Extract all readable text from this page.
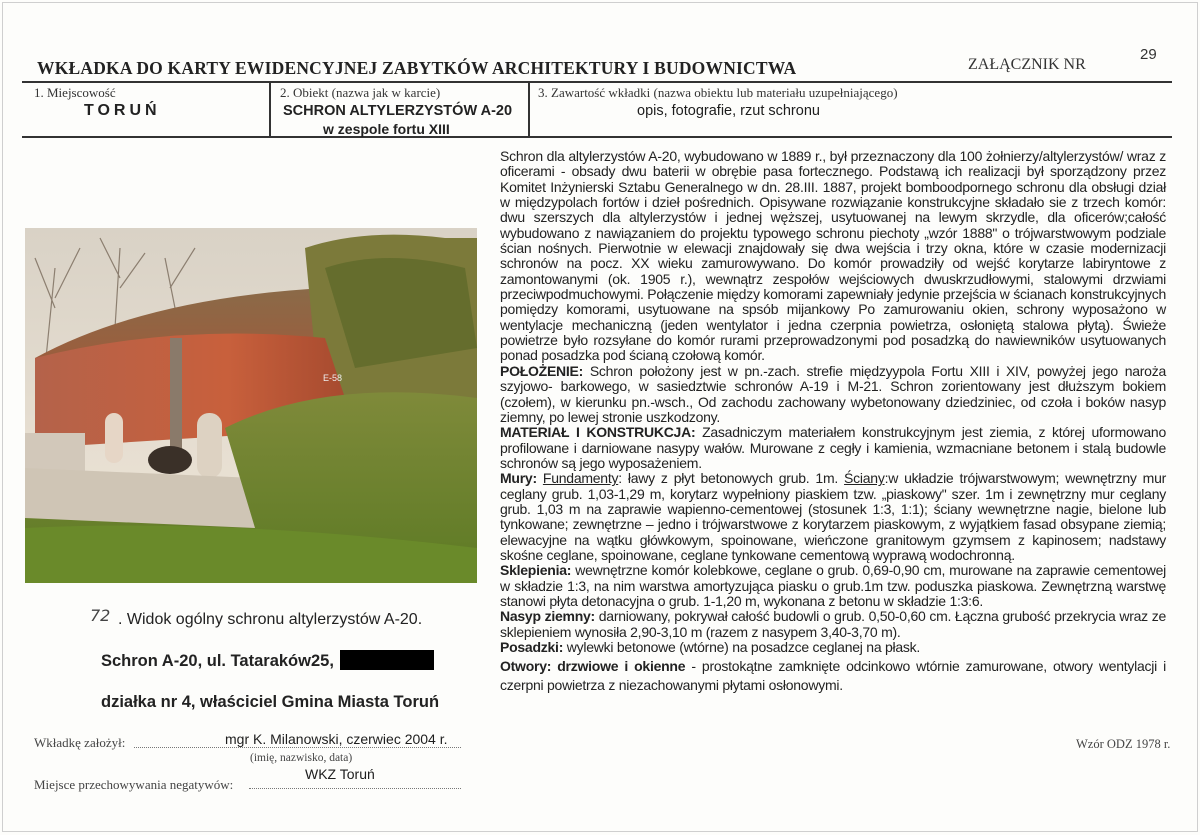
WKŁADKA DO KARTY EWIDENCYJNEJ ZABYTKÓW ARCHITEKTURY I BUDOWNICTWA	ZAŁĄCZNIK NR
29
1. Miejscowość
TORUŃ
2. Obiekt (nazwa jak w karcie)
SCHRON ALTYLERZYSTÓW A-20
w zespole fortu XIII
3. Zawartość wkładki (nazwa obiektu lub materiału uzupełniającego)
opis, fotografie, rzut schronu

Schron dla altylerzystów A-20, wybudowano w 1889 r., był przeznaczony dla 100 żołnierzy/altylerzystów/ wraz z oficerami - obsady dwu baterii w obrębie pasa fortecznego. Podstawą ich realizacji był sporządzony przez Komitet Inżynierski Sztabu Generalnego w dn. 28.III. 1887, projekt bomboodpornego schronu dla obsługi dział w międzypolach fortów i dzieł pośrednich. Opisywane rozwiązanie konstrukcyjne składało sie z trzech komór: dwu szerszych dla altylerzystów i jednej węższej, usytuowanej na lewym skrzydle, dla oficerów;całość wybudowano z nawiązaniem do projektu typowego schronu piechoty „wzór 1888" o trójwarstwowym podziale ścian nośnych. Pierwotnie w elewacji znajdowały się dwa wejścia i trzy okna, które w czasie modernizacji schronów na pocz. XX wieku zamurowywano. Do komór prowadziły od wejść korytarze labiryntowe z zamontowanymi (ok. 1905 r.), wewnątrz zespołów wejściowych dwuskrzudłowymi, stalowymi drzwiami przeciwpodmuchowymi. Połączenie między komorami zapewniały jedynie przejścia w ścianach konstrukcyjnych pomiędzy komorami, usytuowane na spsób mijankowy Po zamurowaniu okien, schrony wyposażono w wentylacje mechaniczną (jeden wentylator i jedna czerpnia powietrza, osłoniętą stalowa płytą). Świeże powietrze było rozsyłane do komór rurami przeprowadzonymi pod posadzką do nawiewników usytuowanych ponad posadzka pod ścianą czołową komór.

POŁOŻENIE: Schron położony jest w pn.-zach. strefie międzyypola Fortu XIII i XIV, powyżej jego naroża szyjowo- barkowego, w sasiedztwie schronów A-19 i M-21. Schron zorientowany jest dłuższym bokiem (czołem), w kierunku pn.-wsch., Od zachodu zachowany wybetonowany dziedziniec, od czoła i boków nasyp ziemny, po lewej stronie uszkodzony.

MATERIAŁ I KONSTRUKCJA: Zasadniczym materiałem konstrukcyjnym jest ziemia, z której uformowano profilowane i darniowane nasypy wałów. Murowane z cegły i kamienia, wzmacniane betonem i stalą budowle schronów są jego wyposażeniem.

Mury: Fundamenty: ławy z płyt betonowych grub. 1m. Ściany:w układzie trójwarstwowym; wewnętrzny mur ceglany grub. 1,03-1,29 m, korytarz wypełniony piaskiem tzw. „piaskowy" szer. 1m i zewnętrzny mur ceglany grub. 1,03 m na zaprawie wapienno-cementowej (stosunek 1:3, 1:1); ściany wewnętrzne nagie, bielone lub tynkowane; zewnętrzne – jedno i trójwarstwowe z korytarzem piaskowym, z wyjątkiem fasad obsypane ziemią; elewacyjne na wątku główkowym, spoinowane, wieńczone granitowym gzymsem z kapinosem; nadstawy skośne ceglane, spoinowane, ceglane tynkowane cementową wyprawą wodochronną.

Sklepienia: wewnętrzne komór kolebkowe, ceglane o grub. 0,69-0,90 cm, murowane na zaprawie cementowej w składzie 1:3, na nim warstwa amortyzująca piasku o grub.1m tzw. poduszka piaskowa. Zewnętrzną warstwę stanowi płyta detonacyjna o grub. 1-1,20 m, wykonana z betonu w składzie 1:3:6.

Nasyp ziemny: darniowany, pokrywał całość budowli o grub. 0,50-0,60 cm. Łączna grubość przekrycia wraz ze sklepieniem wynosiła 2,90-3,10 m (razem z nasypem 3,40-3,70 m).

Posadzki: wylewki betonowe (wtórne) na posadzce ceglanej na płask.

Otwory: drzwiowe i okienne - prostokątne zamknięte odcinkowo wtórnie zamurowane, otwory wentylacji i czerpni powietrza z niezachowanymi płytami osłonowymi.

E-58
72 . Widok ogólny schronu altylerzystów A-20.
Schron A-20, ul. Tataraków25,
działka nr 4, właściciel Gmina Miasta Toruń
Wkładkę założył:	mgr K. Milanowski, czerwiec 2004 r.
(imię, nazwisko, data)
Miejsce przechowywania negatywów:
WKZ Toruń
Wzór ODZ 1978 r.
